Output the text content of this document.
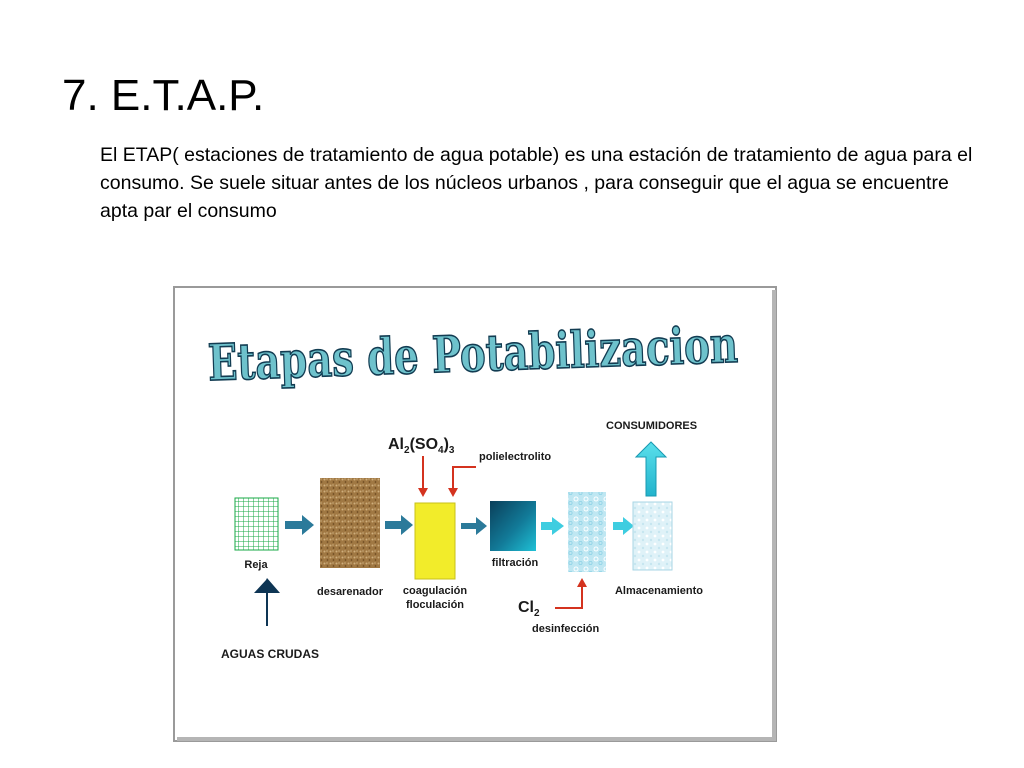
7. E.T.A.P.
El ETAP( estaciones de tratamiento de agua potable) es una estación de tratamiento de agua para el consumo. Se suele situar antes de los núcleos urbanos , para conseguir que el agua se encuentre apta par el consumo
Etapas de Potabilizacion
Reja
AGUAS CRUDAS
desarenador coagulación
floculación
$Al_2(SO_4)_3$
polielectrolito
filtración
$Cl_2$
desinfección
Almacenamiento
CONSUMIDORES
